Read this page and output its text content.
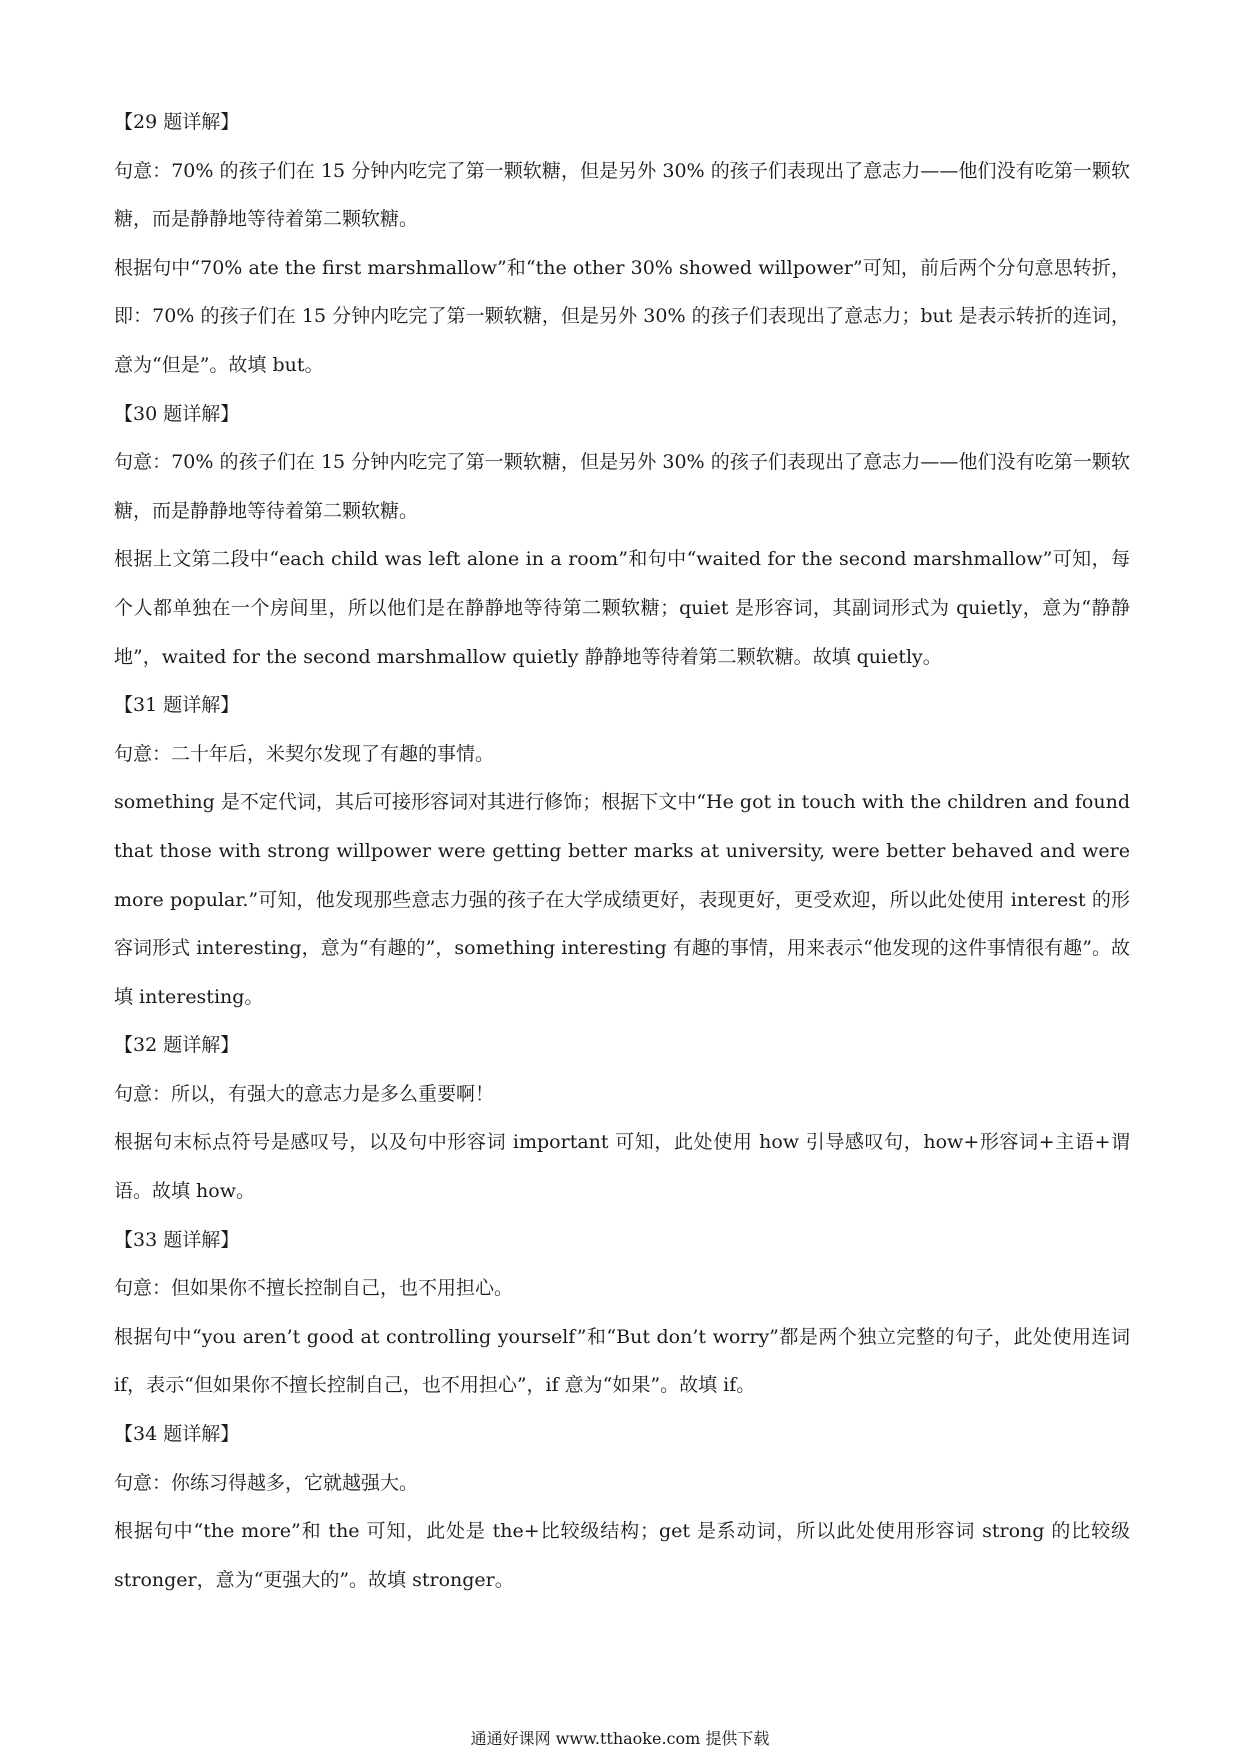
【29 题详解】

句意：70% 的孩子们在 15 分钟内吃完了第一颗软糖，但是另外 30% 的孩子们表现出了意志力——他们没有吃第一颗软糖，而是静静地等待着第二颗软糖。

根据句中“70% ate the first marshmallow”和“the other 30% showed willpower”可知，前后两个分句意思转折，即：70% 的孩子们在 15 分钟内吃完了第一颗软糖，但是另外 30% 的孩子们表现出了意志力；but 是表示转折的连词，意为“但是”。故填 but。

【30 题详解】

句意：70% 的孩子们在 15 分钟内吃完了第一颗软糖，但是另外 30% 的孩子们表现出了意志力——他们没有吃第一颗软糖，而是静静地等待着第二颗软糖。

根据上文第二段中“each child was left alone in a room”和句中“waited for the second marshmallow”可知，每个人都单独在一个房间里，所以他们是在静静地等待第二颗软糖；quiet 是形容词，其副词形式为 quietly，意为“静静地”，waited for the second marshmallow quietly 静静地等待着第二颗软糖。故填 quietly。

【31 题详解】

句意：二十年后，米契尔发现了有趣的事情。

something 是不定代词，其后可接形容词对其进行修饰；根据下文中“He got in touch with the children and found that those with strong willpower were getting better marks at university, were better behaved and were more popular.”可知，他发现那些意志力强的孩子在大学成绩更好，表现更好，更受欢迎，所以此处使用 interest 的形容词形式 interesting，意为“有趣的”，something interesting 有趣的事情，用来表示“他发现的这件事情很有趣”。故填 interesting。

【32 题详解】

句意：所以，有强大的意志力是多么重要啊！

根据句末标点符号是感叹号，以及句中形容词 important 可知，此处使用 how 引导感叹句，how+形容词+主语+谓语。故填 how。

【33 题详解】

句意：但如果你不擅长控制自己，也不用担心。

根据句中“you aren’t good at controlling yourself”和“But don’t worry”都是两个独立完整的句子，此处使用连词 if，表示“但如果你不擅长控制自己，也不用担心”，if 意为“如果”。故填 if。

【34 题详解】

句意：你练习得越多，它就越强大。

根据句中“the more”和 the 可知，此处是 the+比较级结构；get 是系动词，所以此处使用形容词 strong 的比较级 stronger，意为“更强大的”。故填 stronger。

通通好课网 www.tthaoke.com 提供下载
